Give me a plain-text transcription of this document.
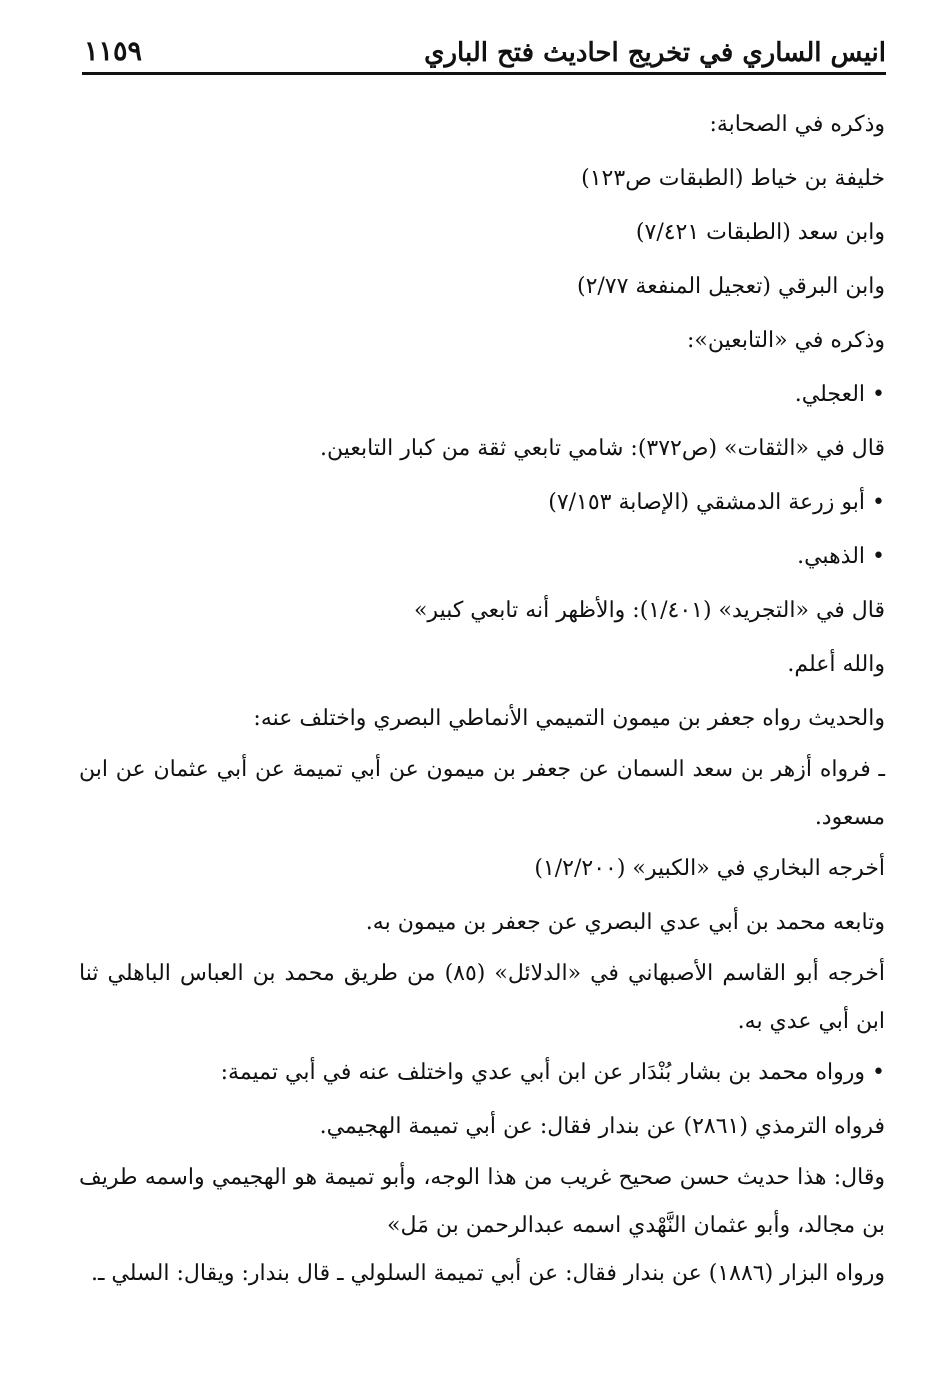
انيس الساري في تخريج احاديث فتح الباري
١١٥٩
وذكره في الصحابة:
خليفة بن خياط (الطبقات ص١٢٣)
وابن سعد (الطبقات ٧/٤٢١)
وابن البرقي (تعجيل المنفعة ٢/٧٧)
وذكره في «التابعين»:
• العجلي.
قال في «الثقات» (ص٣٧٢): شامي تابعي ثقة من كبار التابعين.
• أبو زرعة الدمشقي (الإصابة ٧/١٥٣)
• الذهبي.
قال في «التجريد» (١/٤٠١): والأظهر أنه تابعي كبير»
والله أعلم.
والحديث رواه جعفر بن ميمون التميمي الأنماطي البصري واختلف عنه:
ـ فرواه أزهر بن سعد السمان عن جعفر بن ميمون عن أبي تميمة عن أبي عثمان عن ابن مسعود.
أخرجه البخاري في «الكبير» (١/٢/٢٠٠)
وتابعه محمد بن أبي عدي البصري عن جعفر بن ميمون به.
أخرجه أبو القاسم الأصبهاني في «الدلائل» (٨٥) من طريق محمد بن العباس الباهلي ثنا ابن أبي عدي به.
• ورواه محمد بن بشار بُنْدَار عن ابن أبي عدي واختلف عنه في أبي تميمة:
فرواه الترمذي (٢٨٦١) عن بندار فقال: عن أبي تميمة الهجيمي.
وقال: هذا حديث حسن صحيح غريب من هذا الوجه، وأبو تميمة هو الهجيمي واسمه طريف بن مجالد، وأبو عثمان النَّهْدي اسمه عبدالرحمن بن مَل»
ورواه البزار (١٨٨٦) عن بندار فقال: عن أبي تميمة السلولي ـ قال بندار: ويقال: السلي ـ.
